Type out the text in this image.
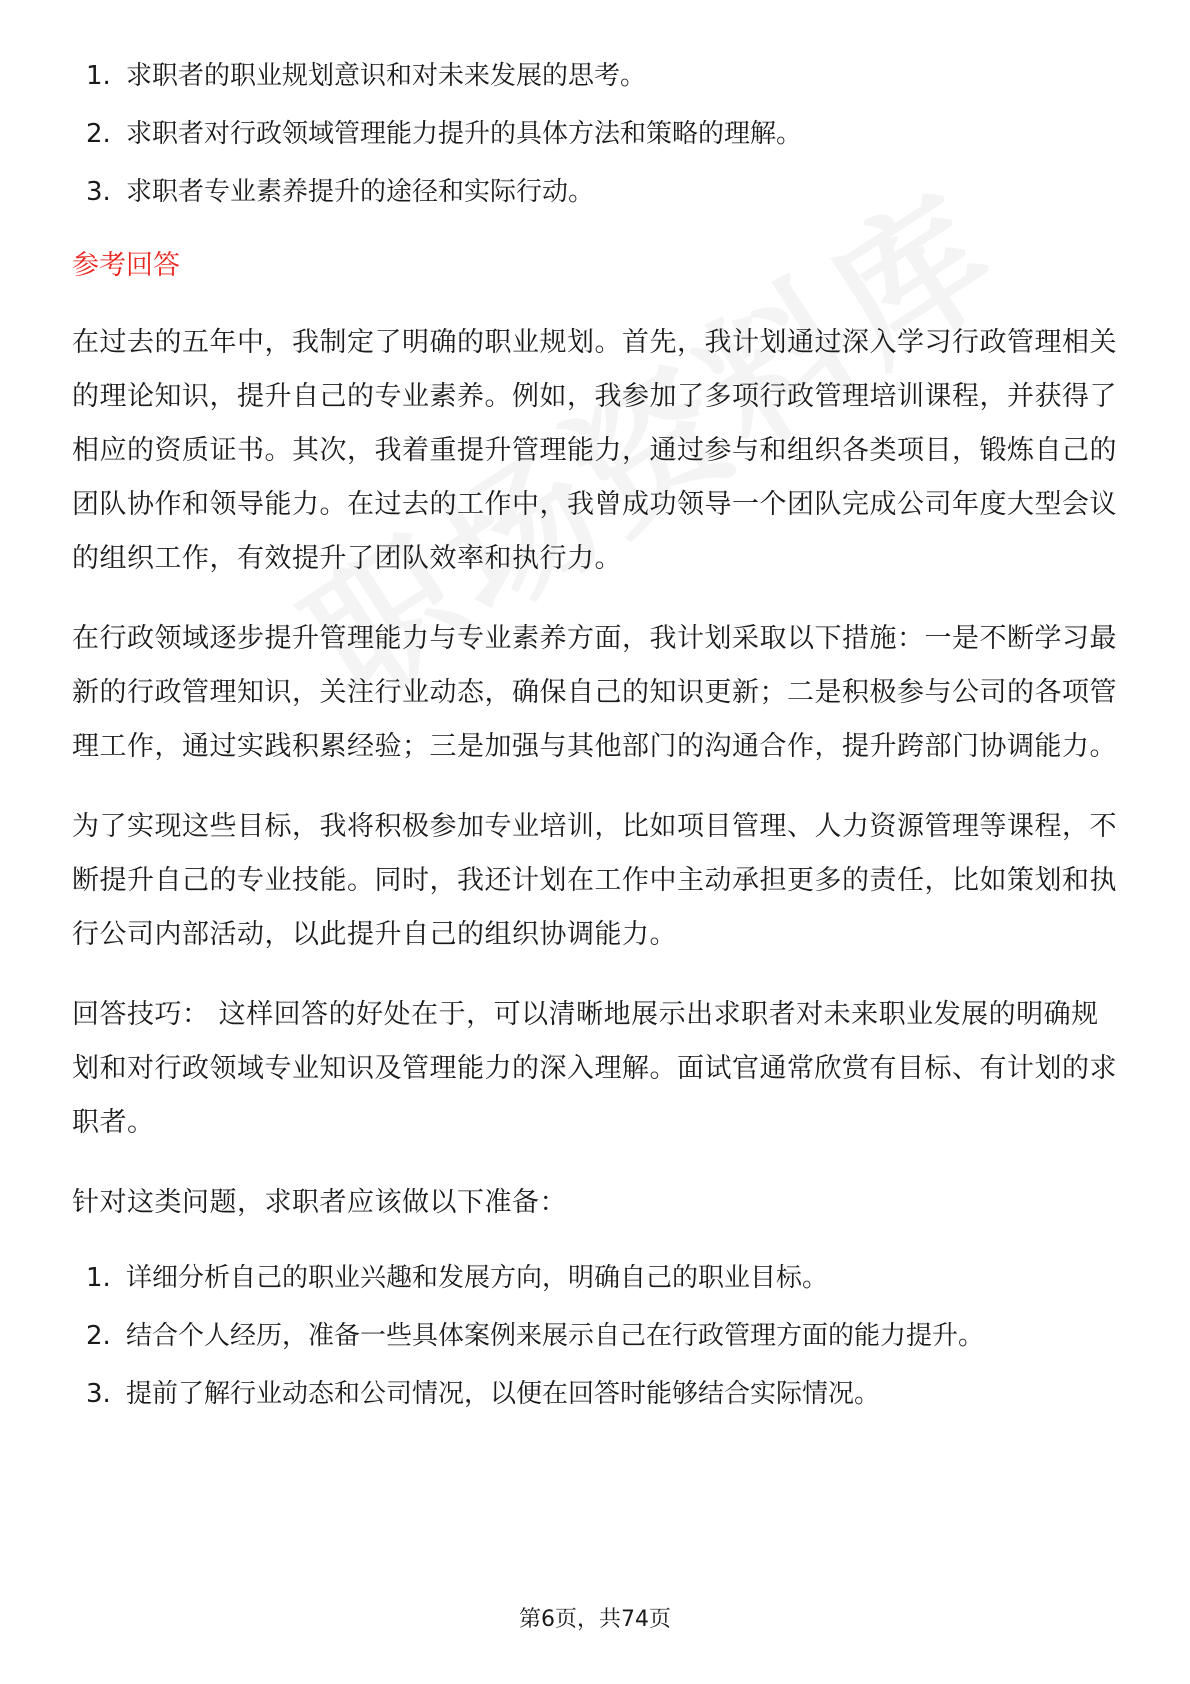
1. 求职者的职业规划意识和对未来发展的思考。
2. 求职者对行政领域管理能力提升的具体方法和策略的理解。
3. 求职者专业素养提升的途径和实际行动。
参考回答

在过去的五年中，我制定了明确的职业规划。首先，我计划通过深入学习行政管理相关的理论知识，提升自己的专业素养。例如，我参加了多项行政管理培训课程，并获得了相应的资质证书。其次，我着重提升管理能力，通过参与和组织各类项目，锻炼自己的团队协作和领导能力。在过去的工作中，我曾成功领导一个团队完成公司年度大型会议的组织工作，有效提升了团队效率和执行力。

在行政领域逐步提升管理能力与专业素养方面，我计划采取以下措施：一是不断学习最新的行政管理知识，关注行业动态，确保自己的知识更新；二是积极参与公司的各项管理工作，通过实践积累经验；三是加强与其他部门的沟通合作，提升跨部门协调能力。

为了实现这些目标，我将积极参加专业培训，比如项目管理、人力资源管理等课程，不断提升自己的专业技能。同时，我还计划在工作中主动承担更多的责任，比如策划和执行公司内部活动，以此提升自己的组织协调能力。

回答技巧： 这样回答的好处在于，可以清晰地展示出求职者对未来职业发展的明确规划和对行政领域专业知识及管理能力的深入理解。面试官通常欣赏有目标、有计划的求职者。

针对这类问题，求职者应该做以下准备：

1. 详细分析自己的职业兴趣和发展方向，明确自己的职业目标。
2. 结合个人经历，准备一些具体案例来展示自己在行政管理方面的能力提升。
3. 提前了解行业动态和公司情况，以便在回答时能够结合实际情况。
第6页，共74页
